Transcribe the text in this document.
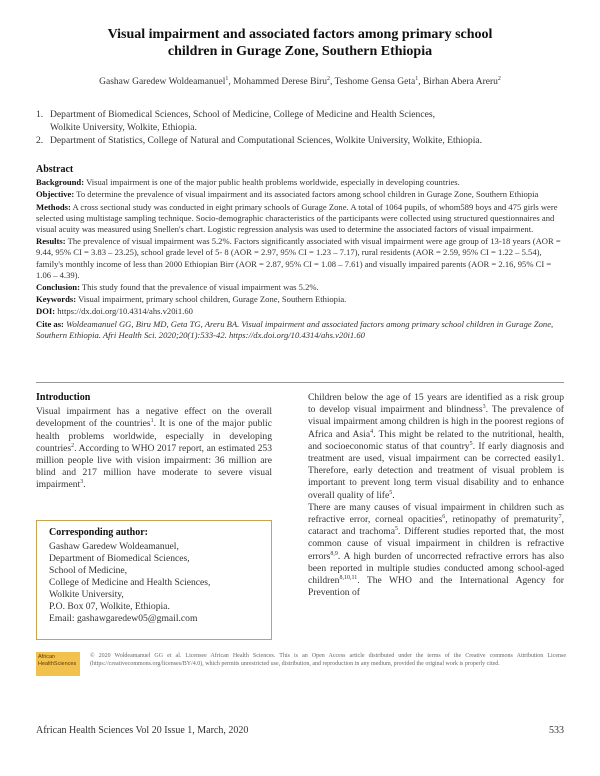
Visual impairment and associated factors among primary school
children in Gurage Zone, Southern Ethiopia
Gashaw Garedew Woldeamanuel$^1$, Mohammed Derese Biru$^2$, Teshome Gensa Geta$^1$, Birhan Abera Areru$^2$
1. Department of Biomedical Sciences, School of Medicine, College of Medicine and Health Sciences,
Wolkite University, Wolkite, Ethiopia.
2. Department of Statistics, College of Natural and Computational Sciences, Wolkite University, Wolkite, Ethiopia.
Abstract

Background: Visual impairment is one of the major public health problems worldwide, especially in developing countries.

Objective: To determine the prevalence of visual impairment and its associated factors among school children in Gurage Zone, Southern Ethiopia

Methods: A cross sectional study was conducted in eight primary schools of Gurage Zone. A total of 1064 pupils, of whom589 boys and 475 girls were selected using multistage sampling technique. Socio-demographic characteristics of the participants were collected using structured questionnaires and visual acuity was measured using Snellen's chart. Logistic regression analysis was used to determine the associated factors of visual impairment.

Results: The prevalence of visual impairment was 5.2%. Factors significantly associated with visual impairment were age group of 13-18 years (AOR = 9.44, 95% CI = 3.83 – 23.25), school grade level of 5- 8 (AOR = 2.97, 95% CI = 1.23 – 7.17), rural residents (AOR = 2.59, 95% CI = 1.22 – 5.54), family's monthly income of less than 2000 Ethiopian Birr (AOR = 2.87, 95% CI = 1.08 – 7.61) and visually impaired parents (AOR = 2.16, 95% CI = 1.06 – 4.39).

Conclusion: This study found that the prevalence of visual impairment was 5.2%.

Keywords: Visual impairment, primary school children, Gurage Zone, Southern Ethiopia.

DOI: https://dx.doi.org/10.4314/ahs.v20i1.60

Cite as: Woldeamanuel GG, Biru MD, Geta TG, Areru BA. Visual impairment and associated factors among primary school children in Gurage Zone, Southern Ethiopia. Afri Health Sci. 2020;20(1):533-42. https://dx.doi.org/10.4314/ahs.v20i1.60

Introduction

Visual impairment has a negative effect on the overall development of the countries$^1$. It is one of the major public health problems worldwide, especially in developing countries$^2$. According to WHO 2017 report, an estimated 253 million people live with vision impairment: 36 million are blind and 217 million have moderate to severe visual impairment$^3$.

Corresponding author:
Gashaw Garedew Woldeamanuel,
Department of Biomedical Sciences,
School of Medicine,
College of Medicine and Health Sciences,
Wolkite University,
P.O. Box 07, Wolkite, Ethiopia.
Email: gashawgaredew05@gmail.com

Children below the age of 15 years are identified as a risk group to develop visual impairment and blindness$^3$. The prevalence of visual impairment among children is high in the poorest regions of Africa and Asia$^4$. This might be related to the nutritional, health, and socioeconomic status of that country$^5$. If early diagnosis and treatment are used, visual impairment can be corrected easily1. Therefore, early detection and treatment of visual problem is important to prevent long term visual disability and to enhance overall quality of life$^5$.

There are many causes of visual impairment in children such as refractive error, corneal opacities$^6$, retinopathy of prematurity$^7$, cataract and trachoma$^5$. Different studies reported that, the most common cause of visual impairment in children is refractive errors$^{8,9}$. A high burden of uncorrected refractive errors has also been reported in multiple studies conducted among school-aged children$^{8,10,11}$. The WHO and the International Agency for Prevention of

African
HealthSciences
© 2020 Woldeamanuel GG et al. Licensee African Health Sciences. This is an Open Access article distributed under the terms of the Creative commons Attribution License (https://creativecommons.org/licenses/BY/4.0), which permits unrestricted use, distribution, and reproduction in any medium, provided the original work is properly cited.
African Health Sciences Vol 20 Issue 1, March, 2020	533
